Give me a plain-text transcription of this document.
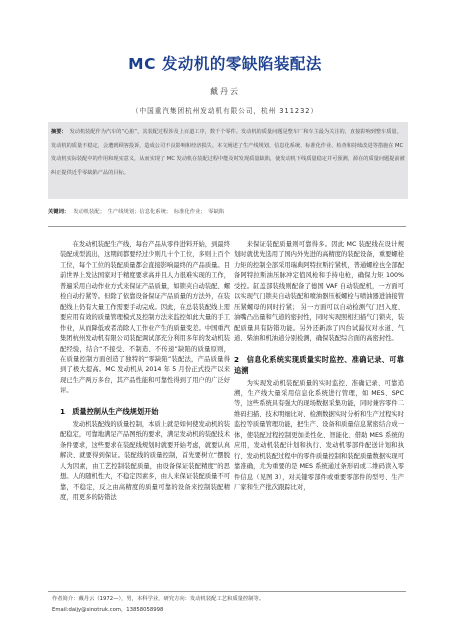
MC 发动机的零缺陷装配法
戴丹云
（中国重汽集团杭州发动机有限公司，杭州 311232）
摘要： 发动机装配作为汽车的“心脏”，其装配过程涉及上百道工序，数千个零件。发动机的质量问题是整车厂和车主最为关注的，直接影响到整车质量。发动机的质量不稳定，会遭到顾客投诉，造成公司不良影响和经济损失。本文阐述了生产线规划、信息化系统、标准化作业、检查和持续改进等措施在 MC 发动机实际装配中的作用和现实意义，从而实现了 MC 发动机在装配过程中能及时发现质量缺陷，使发动机下线质量稳定并可预测，源在的质量问题提前被纠正提供近乎零缺陷产品的目标。
关键词： 发动机装配；　生产线规划；信息化系统；　标准化作业；　零缺陷

在发动机装配生产线，每台产品从零件进料开始，到最终装配成型流出，这期间都要经过少则几十个工位，多则上百个工位，每个工位的装配质量都会直接影响最终的产品质量。目前世界上发达国家对于精度要求高并且人力很难实现的工作，普遍采用自动作业方式来保证产品质量，如锁夹自动装配、螺栓自动拧紧等。但除了依靠设备保证产品质量的方法外，在装配线上仍有大量工作需要手动完成。因此，在总装装配线上需要应用有效的质量管理模式及控制方法来监控如此大量的手工作业，从而降低或者消除人工作业产生的质量变差。中国重汽集团杭州发动机有限公司装配调试部充分利用多年的发动机装配经验，结合“不接受、不制造、不传递”缺陷的质量原则，在质量控制方面创造了独特的“零缺陷”装配法，产品质量得到了极大提高。MC 发动机从 2014 年 5 月份正式投产以来现已生产两万多台，其产品性能和可靠性得到了用户的广泛好评。

1　质量控制从生产线规划开始

发动机装配线的质量控制，本质上就是如何使发动机的装配稳定，可靠地满足产品图纸的要求，满足发动机的装配技术条件要求，这些要求在装配线规划时就要开始考虑，就要认真解决、就要得到保证。装配线的质量控制，首先要树立“摆脱人为因素，由工艺控制装配质量，由设备保证装配精度”的思想。人的随机性大，不稳定因素多，由人来保证装配质量不可靠，不稳定，反之由高精度的质量可靠的设备来控制装配精度，用更多的防错法

来保证装配质量则可靠得多。因此 MC 装配线在设计规划时就优先选用了国内外先进的高精度的装配设备，重要螺栓力矩的控制全部采用瑞典阿特拉斯拧紧机，普通螺栓也全部配备阿特拉斯油压脉冲定值风枪和手持电枪，确保力矩 100%受控。缸盖部装线则配备了德国 VAF 自动装配机，一方面可以实现气门锁夹自动装配和喷油器压板螺栓与喷油器进油接管压紧螺母的同时拧紧； 另一方面可以自动检测气门凹入度、油嘴凸出量和气道的密封性，同时实现照相扫描气门锁夹，装配质量具有防错功能。另外还新添了四台试漏仪对水道、气道、柴油和机油道分别检测，确保装配综合面的高密封性。

2　信息化系统实现质量实时监控、准确记录、可靠追溯

为实现发动机装配质量的实时监控、准确记录、可靠追溯，生产线大量采用信息化系统进行管理，如 MES、SPC 等，这些系统具有强大的现场数据采集功能，同时兼容零件二维码扫描、技术明细比对、检测数据实时分析和生产过程实时监控等质量管理功能，把生产、设备和质量信息紧密结合成一体，使装配过程控制更加柔性化、智能化、借助 MES 系统的应用，发动机装配计划和执行、发动机零部件配送计划和执行、发动机装配过程中的零件质量控制和装配质量数据实现可靠准确，尤为重要的是 MES 系统通过条形码或二维码读入零件信息（见图 3），对关键零部件或重要零部件的型号、生产厂家和生产批次跟踪比对，

作者简介：戴丹云（1972—），男，本科学业，研究方向：发动机装配工艺和质量控制等。
Email:daijy@sinotruk.com，13858058998
